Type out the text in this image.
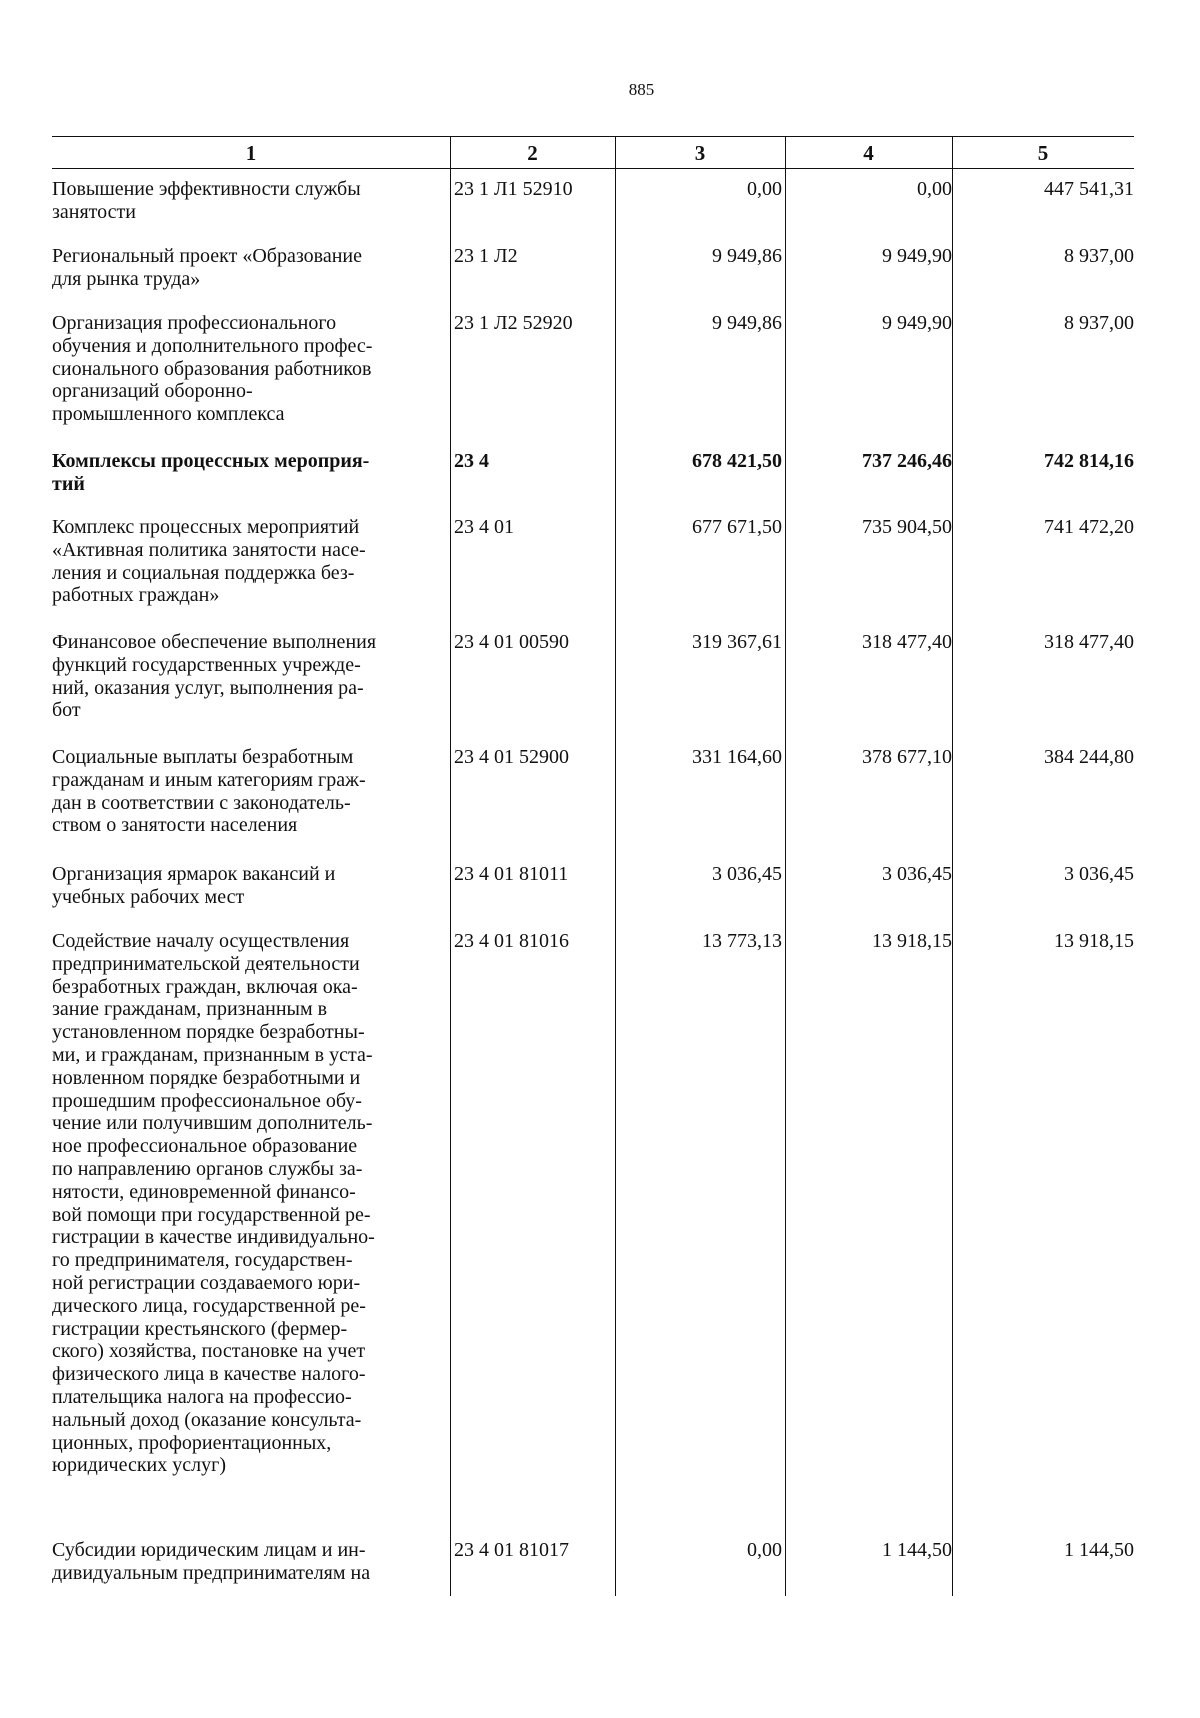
885
1	2	3	4	5
Повышение эффективности службы
занятости
23 1 Л1 52910	0,00	0,00	447 541,31
Региональный проект «Образование
для рынка труда»
23 1 Л2	9 949,86	9 949,90	8 937,00
Организация профессионального
обучения и дополнительного профес-
сионального образования работников
организаций оборонно-
промышленного комплекса
23 1 Л2 52920	9 949,86	9 949,90	8 937,00
Комплексы процессных мероприя-
тий
23 4	678 421,50	737 246,46	742 814,16
Комплекс процессных мероприятий
«Активная политика занятости насе-
ления и социальная поддержка без-
работных граждан»
23 4 01	677 671,50	735 904,50	741 472,20
Финансовое обеспечение выполнения
функций государственных учрежде-
ний, оказания услуг, выполнения ра-
бот
23 4 01 00590	319 367,61	318 477,40	318 477,40
Социальные выплаты безработным
гражданам и иным категориям граж-
дан в соответствии с законодатель-
ством о занятости населения
23 4 01 52900	331 164,60	378 677,10	384 244,80
Организация ярмарок вакансий и
учебных рабочих мест
23 4 01 81011	3 036,45	3 036,45	3 036,45
Содействие началу осуществления
предпринимательской деятельности
безработных граждан, включая ока-
зание гражданам, признанным в
установленном порядке безработны-
ми, и гражданам, признанным в уста-
новленном порядке безработными и
прошедшим профессиональное обу-
чение или получившим дополнитель-
ное профессиональное образование
по направлению органов службы за-
нятости, единовременной финансо-
вой помощи при государственной ре-
гистрации в качестве индивидуально-
го предпринимателя, государствен-
ной регистрации создаваемого юри-
дического лица, государственной ре-
гистрации крестьянского (фермер-
ского) хозяйства, постановке на учет
физического лица в качестве налого-
плательщика налога на профессио-
нальный доход (оказание консульта-
ционных, профориентационных,
юридических услуг)
23 4 01 81016	13 773,13	13 918,15	13 918,15
Субсидии юридическим лицам и ин-
дивидуальным предпринимателям на
23 4 01 81017	0,00	1 144,50	1 144,50
